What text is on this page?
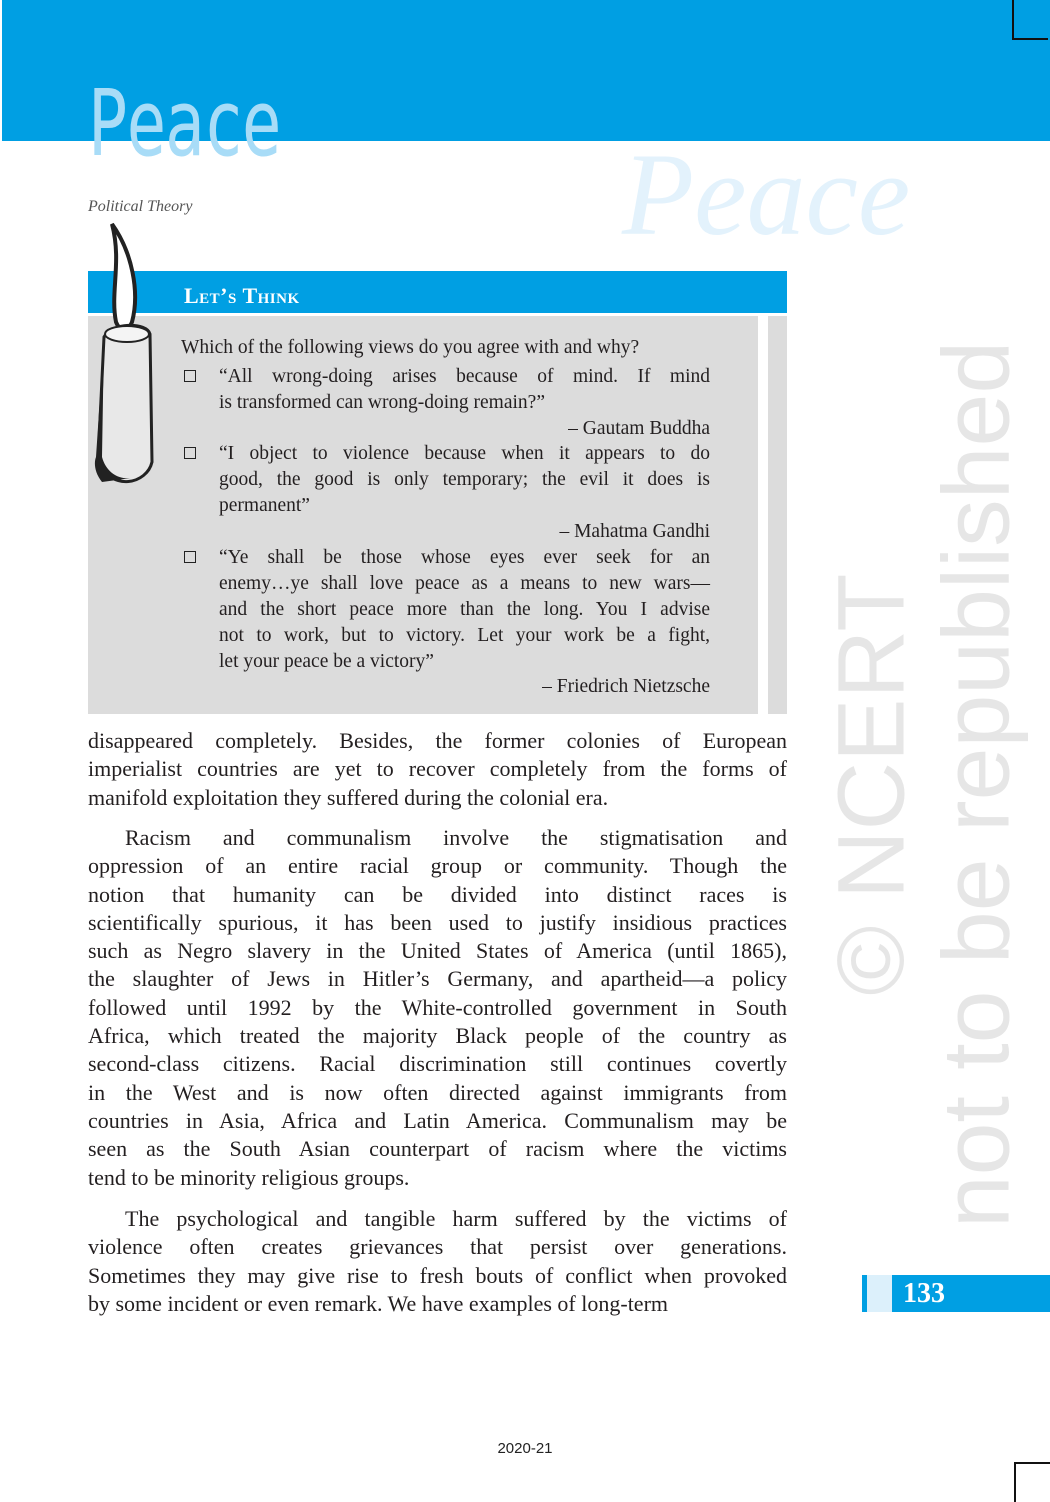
Peace
Political Theory	Peace
© NCERT not to be republished
Let’s Think
Which of the following views do you agree with and why?
“All wrong-doing arises because of mind. If mind
is transformed can wrong-doing remain?”
– Gautam Buddha
“I object to violence because when it appears to do
good, the good is only temporary; the evil it does is
permanent”
– Mahatma Gandhi
“Ye shall be those whose eyes ever seek for an
enemy…ye shall love peace as a means to new wars—
and the short peace more than the long. You I advise
not to work, but to victory. Let your work be a fight,
let your peace be a victory”
– Friedrich Nietzsche
disappeared completely. Besides, the former colonies of European
imperialist countries are yet to recover completely from the forms of
manifold exploitation they suffered during the colonial era.
Racism and communalism involve the stigmatisation and
oppression of an entire racial group or community. Though the
notion that humanity can be divided into distinct races is
scientifically spurious, it has been used to justify insidious practices
such as Negro slavery in the United States of America (until 1865),
the slaughter of Jews in Hitler’s Germany, and apartheid—a policy
followed until 1992 by the White-controlled government in South
Africa, which treated the majority Black people of the country as
second-class citizens. Racial discrimination still continues covertly
in the West and is now often directed against immigrants from
countries in Asia, Africa and Latin America. Communalism may be
seen as the South Asian counterpart of racism where the victims
tend to be minority religious groups.
The psychological and tangible harm suffered by the victims of
violence often creates grievances that persist over generations.
Sometimes they may give rise to fresh bouts of conflict when provoked
by some incident or even remark. We have examples of long-term	133
2020-21
